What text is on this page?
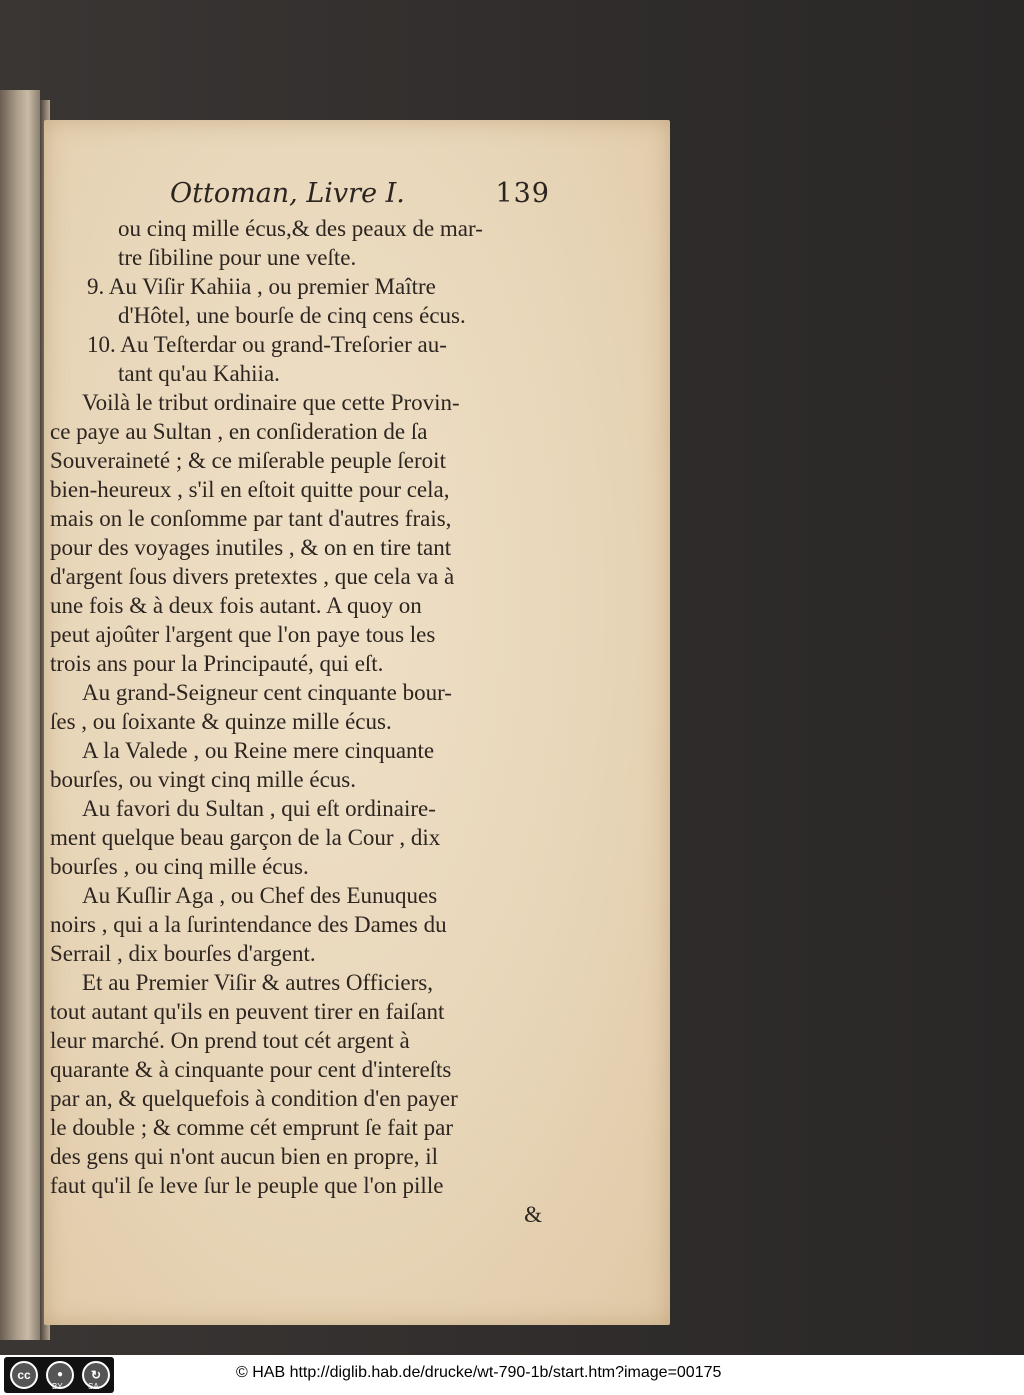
Ottoman, Livre I.	139
ou cinq mille écus,& des peaux de mar-
tre ſibiline pour une veſte.
9. Au Viſir Kahiia , ou premier Maître
d'Hôtel, une bourſe de cinq cens écus.
10. Au Teſterdar ou grand-Treſorier au-
tant qu'au Kahiia.
Voilà le tribut ordinaire que cette Provin-
ce paye au Sultan , en conſideration de ſa
Souveraineté ; & ce miſerable peuple ſeroit
bien-heureux , s'il en eſtoit quitte pour cela,
mais on le conſomme par tant d'autres frais,
pour des voyages inutiles , & on en tire tant
d'argent ſous divers pretextes , que cela va à
une fois & à deux fois autant. A quoy on
peut ajoûter l'argent que l'on paye tous les
trois ans pour la Principauté, qui eſt.
Au grand-Seigneur cent cinquante bour-
ſes , ou ſoixante & quinze mille écus.
A la Valede , ou Reine mere cinquante
bourſes, ou vingt cinq mille écus.
Au favori du Sultan , qui eſt ordinaire-
ment quelque beau garçon de la Cour , dix
bourſes , ou cinq mille écus.
Au Kuſlir Aga , ou Chef des Eunuques
noirs , qui a la ſurintendance des Dames du
Serrail , dix bourſes d'argent.
Et au Premier Viſir & autres Officiers,
tout autant qu'ils en peuvent tirer en faiſant
leur marché. On prend tout cét argent à
quarante & à cinquante pour cent d'intereſts
par an, & quelquefois à condition d'en payer
le double ; & comme cét emprunt ſe fait par
des gens qui n'ont aucun bien en propre, il
faut qu'il ſe leve ſur le peuple que l'on pille
&
cc	●	↻
BY	SA
© HAB http://diglib.hab.de/drucke/wt-790-1b/start.htm?image=00175
